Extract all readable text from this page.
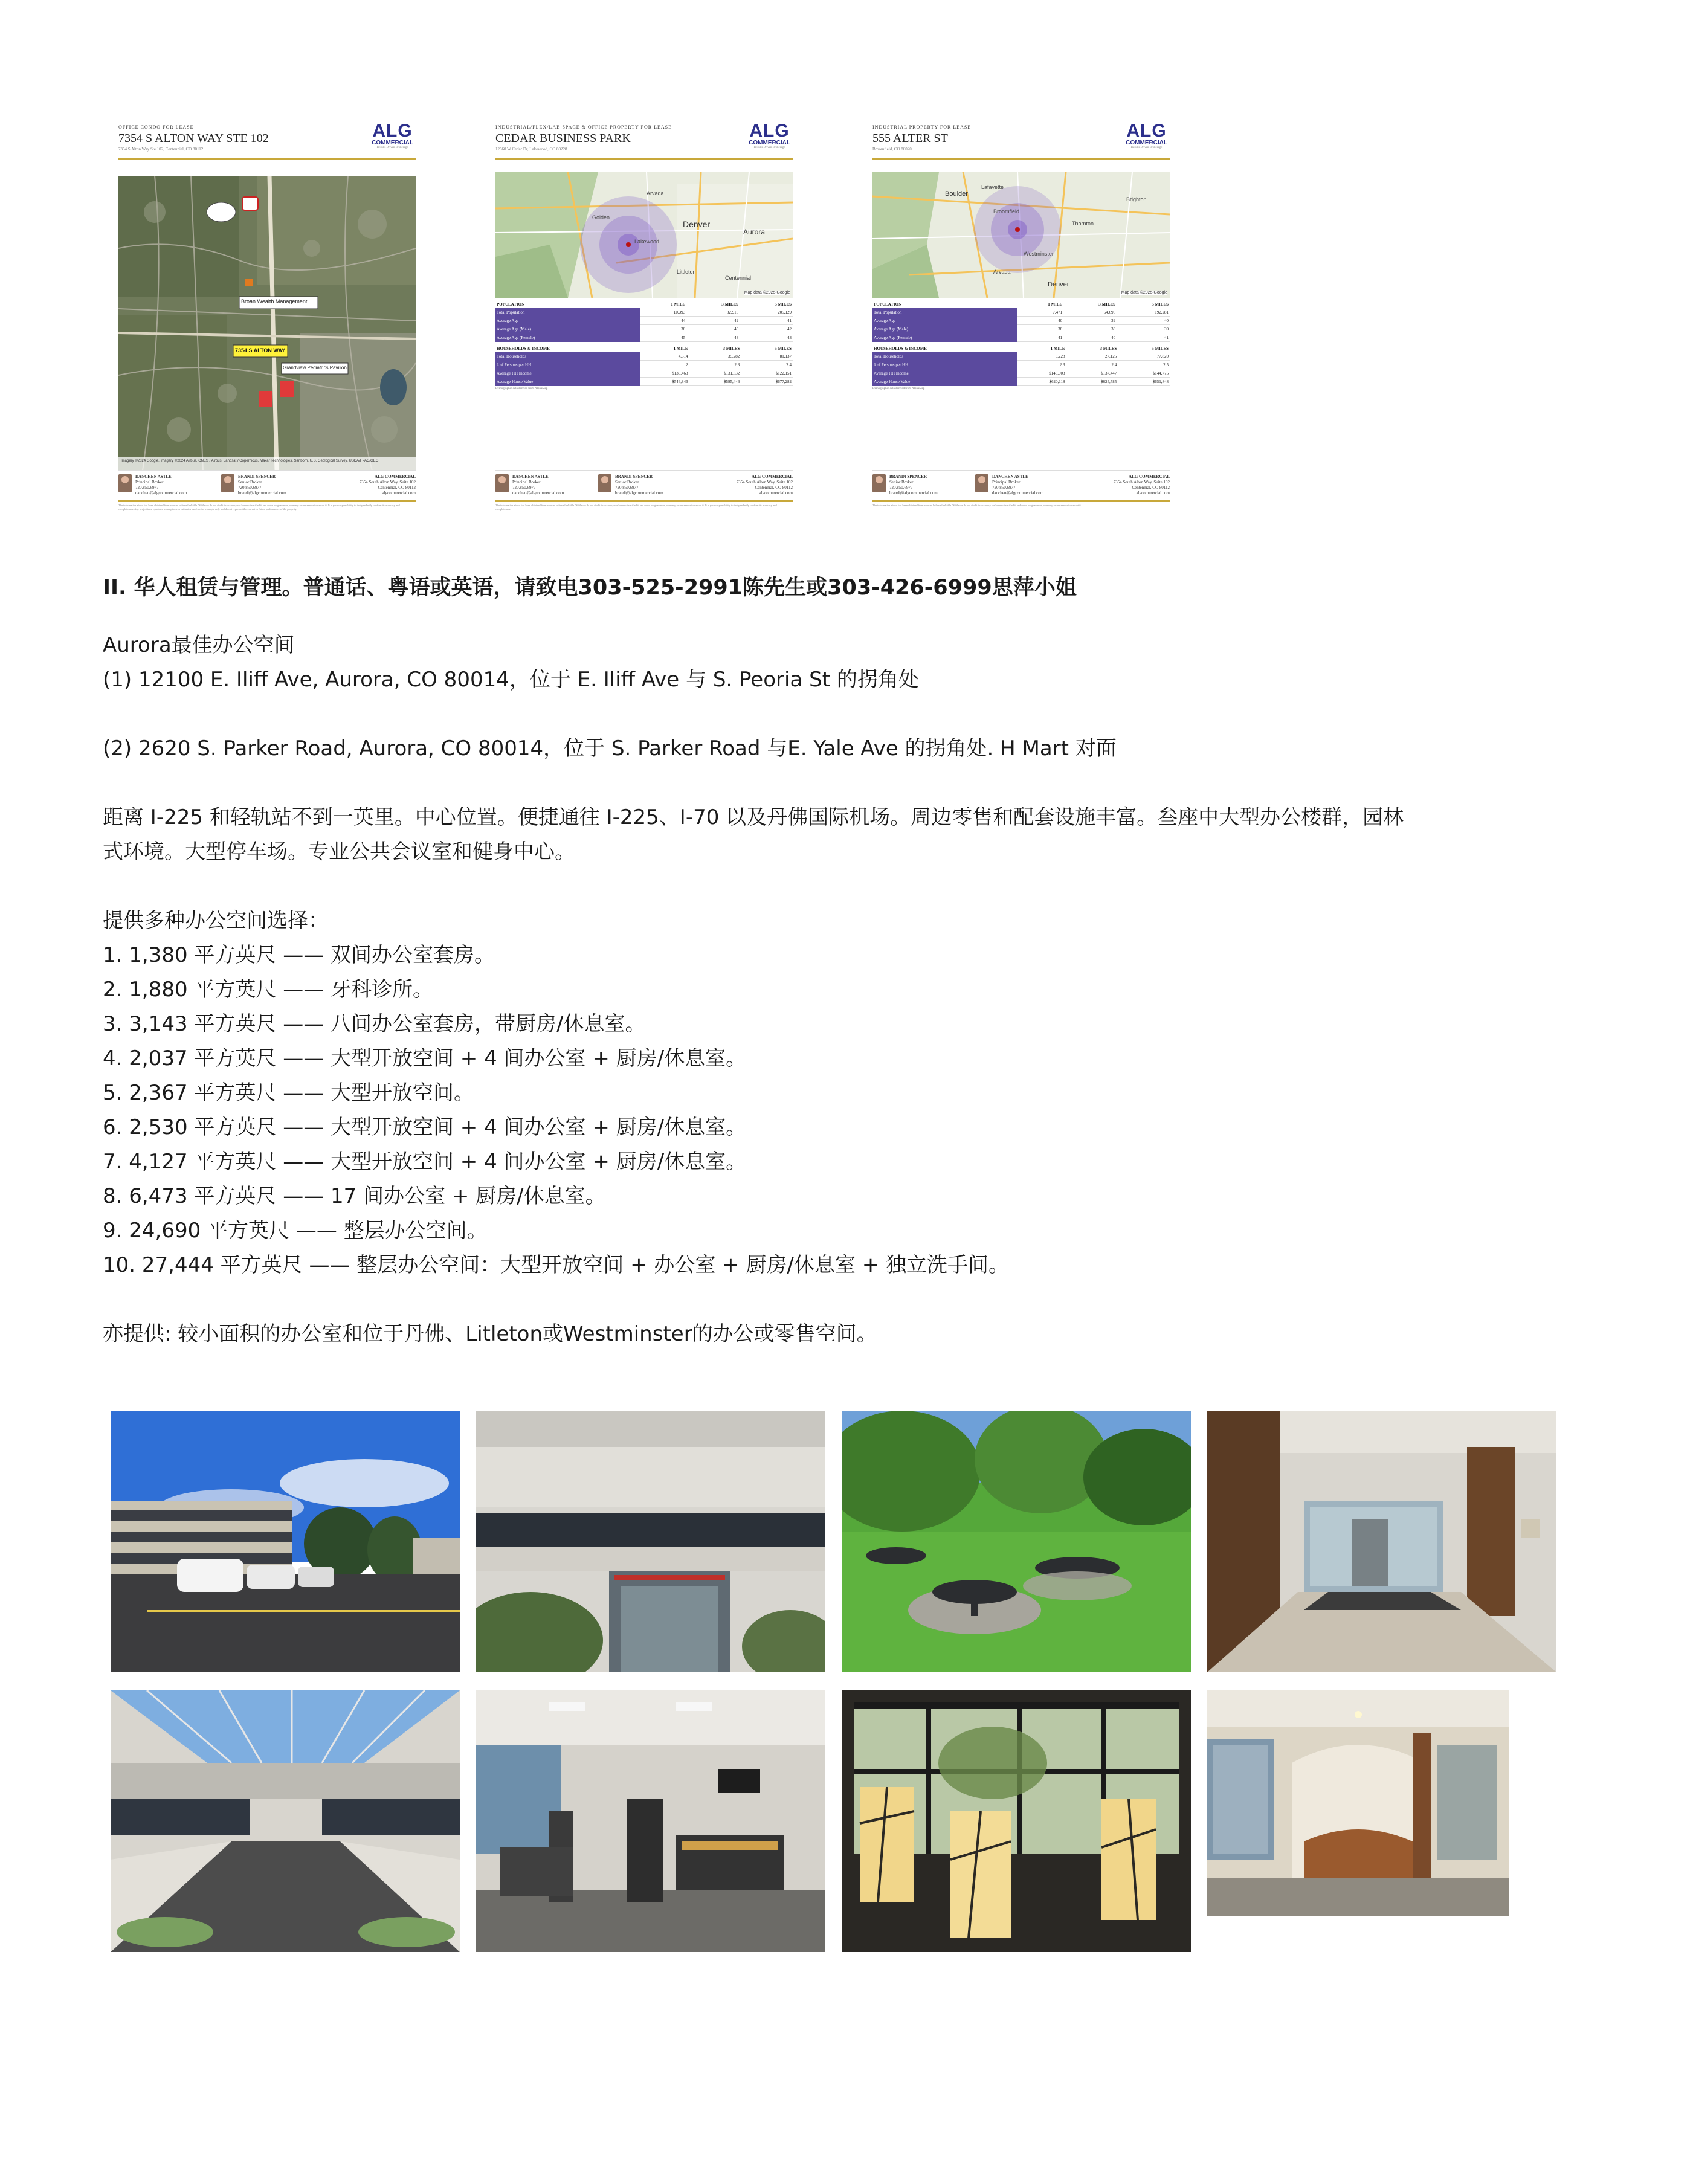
OFFICE CONDO FOR LEASE
7354 S ALTON WAY STE 102
7354 S Alton Way Ste 102, Centennial, CO 80112
ALG
COMMERCIAL
Results Driven Brokerage
Broan Wealth Management
7354 S ALTON WAY
Grandview Pediatrics Pavilion
Imagery ©2024 Google, Imagery ©2024 Airbus, CNES / Airbus, Landsat / Copernicus, Maxar Technologies, Sanborn, U.S. Geological Survey, USDA/FPAC/GEO
DANCHEN ASTLE
Principal Broker
720.850.6977
danchen@algcommercial.com
BRANDI SPENCER
Senior Broker
720.850.6977
brandi@algcommercial.com
ALG COMMERCIAL
7354 South Alton Way, Suite 102
Centennial, CO 80112
algcommercial.com
The information above has been obtained from sources believed reliable. While we do not doubt its accuracy we have not verified it and make no guarantee, warranty or representation about it. It is your responsibility to independently confirm its accuracy and completeness. Any projections, opinions, assumptions or estimates used are for example only and do not represent the current or future performance of the property.
INDUSTRIAL/FLEX/LAB SPACE & OFFICE PROPERTY FOR LEASE
CEDAR BUSINESS PARK
12660 W Cedar Dr, Lakewood, CO 80228
ALG
COMMERCIAL
Results Driven Brokerage
Arvada
Denver
Aurora
Lakewood
Littleton
Centennial
Golden
Map data ©2025 Google
POPULATION	1 MILE	3 MILES	5 MILES
Total Population	10,393	82,916	205,129
Average Age	44	42	41
Average Age (Male)	38	40	42
Average Age (Female)	45	43	43
HOUSEHOLDS & INCOME	1 MILE	3 MILES	5 MILES
Total Households	4,314	35,282	81,137
# of Persons per HH	2	2.3	2.4
Average HH Income	$130,463	$131,832	$122,151
Average House Value	$546,846	$595,446	$677,282
Demographic data derived from AlphaMap
DANCHEN ASTLE
Principal Broker
720.850.6977
danchen@algcommercial.com
BRANDI SPENCER
Senior Broker
720.850.6977
brandi@algcommercial.com
ALG COMMERCIAL
7354 South Alton Way, Suite 102
Centennial, CO 80112
algcommercial.com
The information above has been obtained from sources believed reliable. While we do not doubt its accuracy we have not verified it and make no guarantee, warranty or representation about it. It is your responsibility to independently confirm its accuracy and completeness.
INDUSTRIAL PROPERTY FOR LEASE
555 ALTER ST
Broomfield, CO 80020
ALG
COMMERCIAL
Results Driven Brokerage
Boulder
Broomfield
Thornton
Lafayette
Westminster
Arvada
Denver
Brighton
Map data ©2025 Google
POPULATION	1 MILE	3 MILES	5 MILES
Total Population	7,471	64,696	192,281
Average Age	40	39	40
Average Age (Male)	38	38	39
Average Age (Female)	41	40	41
HOUSEHOLDS & INCOME	1 MILE	3 MILES	5 MILES
Total Households	3,228	27,125	77,820
# of Persons per HH	2.3	2.4	2.5
Average HH Income	$143,003	$137,447	$144,775
Average House Value	$620,118	$624,785	$651,848
Demographic data derived from AlphaMap
BRANDI SPENCER
Senior Broker
720.850.6977
brandi@algcommercial.com
DANCHEN ASTLE
Principal Broker
720.850.6977
danchen@algcommercial.com
ALG COMMERCIAL
7354 South Alton Way, Suite 102
Centennial, CO 80112
algcommercial.com
The information above has been obtained from sources believed reliable. While we do not doubt its accuracy we have not verified it and make no guarantee, warranty or representation about it.
II. 华人租赁与管理。普通话、粤语或英语，请致电303-525-2991陈先生或303-426-6999思萍小姐
Aurora最佳办公空间
(1) 12100 E. Iliff Ave, Aurora, CO 80014，位于 E. Iliff Ave 与 S. Peoria St 的拐角处
(2) 2620 S. Parker Road, Aurora, CO 80014，位于 S. Parker Road 与E. Yale Ave 的拐角处. H Mart 对面
距离 I-225 和轻轨站不到一英里。中心位置。便捷通往 I-225、I-70 以及丹佛国际机场。周边零售和配套设施丰富。叁座中大型办公楼群，园林
式环境。大型停车场。专业公共会议室和健身中心。
提供多种办公空间选择：
1. 1,380 平方英尺 —— 双间办公室套房。
2. 1,880 平方英尺 —— 牙科诊所。
3. 3,143 平方英尺 —— 八间办公室套房，带厨房/休息室。
4. 2,037 平方英尺 —— 大型开放空间 + 4 间办公室 + 厨房/休息室。
5. 2,367 平方英尺 —— 大型开放空间。
6. 2,530 平方英尺 —— 大型开放空间 + 4 间办公室 + 厨房/休息室。
7. 4,127 平方英尺 —— 大型开放空间 + 4 间办公室 + 厨房/休息室。
8. 6,473 平方英尺 —— 17 间办公室 + 厨房/休息室。
9. 24,690 平方英尺 —— 整层办公空间。
10. 27,444 平方英尺 —— 整层办公空间：大型开放空间 + 办公室 + 厨房/休息室 + 独立洗手间。
亦提供: 较小面积的办公室和位于丹佛、Litleton或Westminster的办公或零售空间。
